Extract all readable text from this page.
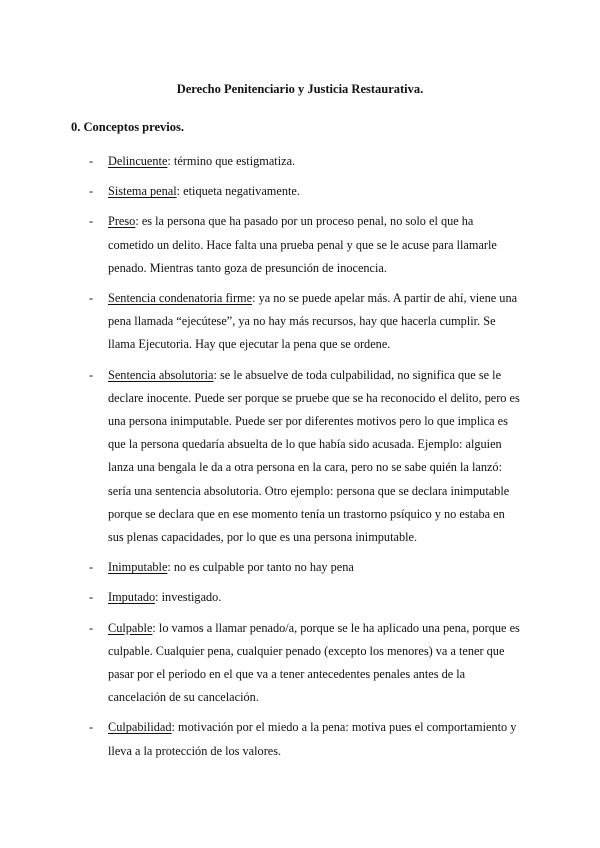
Derecho Penitenciario y Justicia Restaurativa.
0. Conceptos previos.
- Delincuente: término que estigmatiza.
- Sistema penal: etiqueta negativamente.
- Preso: es la persona que ha pasado por un proceso penal, no solo el que ha cometido un delito. Hace falta una prueba penal y que se le acuse para llamarle penado. Mientras tanto goza de presunción de inocencia.
- Sentencia condenatoria firme: ya no se puede apelar más. A partir de ahí, viene una pena llamada “ejecútese”, ya no hay más recursos, hay que hacerla cumplir. Se llama Ejecutoria. Hay que ejecutar la pena que se ordene.
- Sentencia absolutoria: se le absuelve de toda culpabilidad, no significa que se le declare inocente. Puede ser porque se pruebe que se ha reconocido el delito, pero es una persona inimputable. Puede ser por diferentes motivos pero lo que implica es que la persona quedaría absuelta de lo que había sido acusada. Ejemplo: alguien lanza una bengala le da a otra persona en la cara, pero no se sabe quién la lanzó: sería una sentencia absolutoria. Otro ejemplo: persona que se declara inimputable porque se declara que en ese momento tenía un trastorno psíquico y no estaba en sus plenas capacidades, por lo que es una persona inimputable.
- Inimputable: no es culpable por tanto no hay pena
- Imputado: investigado.
- Culpable: lo vamos a llamar penado/a, porque se le ha aplicado una pena, porque es culpable. Cualquier pena, cualquier penado (excepto los menores) va a tener que pasar por el periodo en el que va a tener antecedentes penales antes de la cancelación de su cancelación.
- Culpabilidad: motivación por el miedo a la pena: motiva pues el comportamiento y lleva a la protección de los valores.
